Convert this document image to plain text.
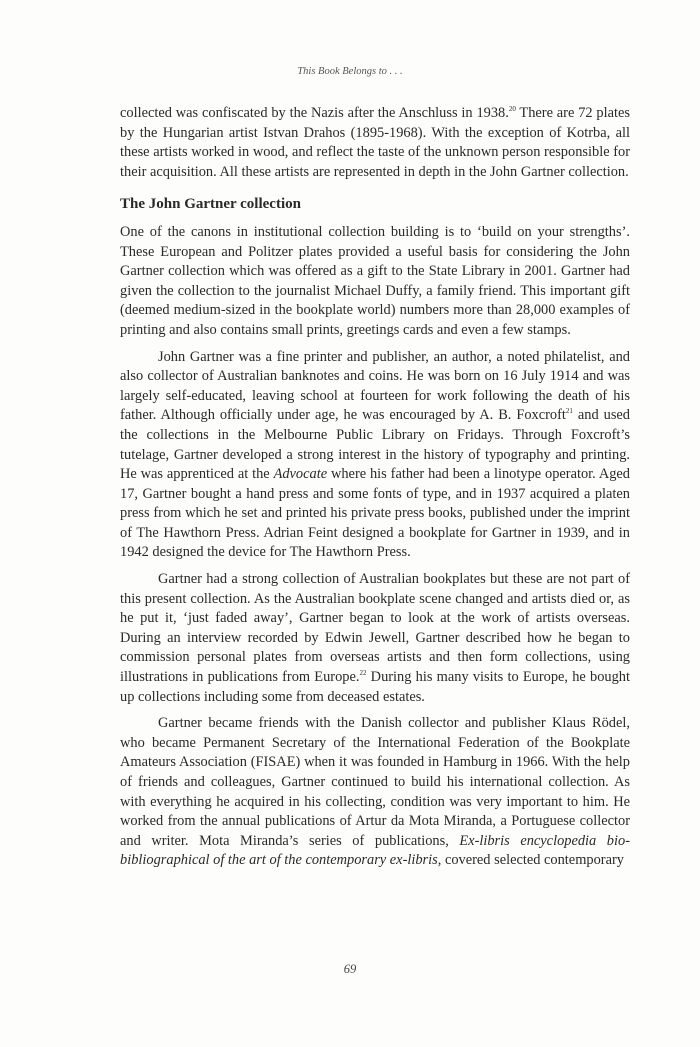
This Book Belongs to . . .

collected was confiscated by the Nazis after the Anschluss in 1938.20 There are 72 plates by the Hungarian artist Istvan Drahos (1895-1968). With the exception of Kotrba, all these artists worked in wood, and reflect the taste of the unknown person responsible for their acquisition. All these artists are represented in depth in the John Gartner collection.

The John Gartner collection

One of the canons in institutional collection building is to ‘build on your strengths’. These European and Politzer plates provided a useful basis for considering the John Gartner collection which was offered as a gift to the State Library in 2001. Gartner had given the collection to the journalist Michael Duffy, a family friend. This important gift (deemed medium-sized in the bookplate world) numbers more than 28,000 examples of printing and also contains small prints, greetings cards and even a few stamps.

John Gartner was a fine printer and publisher, an author, a noted philatelist, and also collector of Australian banknotes and coins. He was born on 16 July 1914 and was largely self-educated, leaving school at fourteen for work following the death of his father. Although officially under age, he was encouraged by A. B. Foxcroft$^{21}$ and used the collections in the Melbourne Public Library on Fridays. Through Foxcroft’s tutelage, Gartner developed a strong interest in the history of typography and printing. He was apprenticed at the Advocate where his father had been a linotype operator. Aged 17, Gartner bought a hand press and some fonts of type, and in 1937 acquired a platen press from which he set and printed his private press books, published under the imprint of The Hawthorn Press. Adrian Feint designed a bookplate for Gartner in 1939, and in 1942 designed the device for The Hawthorn Press.

Gartner had a strong collection of Australian bookplates but these are not part of this present collection. As the Australian bookplate scene changed and artists died or, as he put it, ‘just faded away’, Gartner began to look at the work of artists overseas. During an interview recorded by Edwin Jewell, Gartner described how he began to commission personal plates from overseas artists and then form collections, using illustrations in publications from Europe.$^{22}$ During his many visits to Europe, he bought up collections including some from deceased estates.

Gartner became friends with the Danish collector and publisher Klaus Rödel, who became Permanent Secretary of the International Federation of the Bookplate Amateurs Association (FISAE) when it was founded in Hamburg in 1966. With the help of friends and colleagues, Gartner continued to build his international collection. As with everything he acquired in his collecting, condition was very important to him. He worked from the annual publications of Artur da Mota Miranda, a Portuguese collector and writer. Mota Miranda’s series of publications, Ex-libris encyclopedia bio-bibliographical of the art of the contemporary ex-libris, covered selected contemporary

69
